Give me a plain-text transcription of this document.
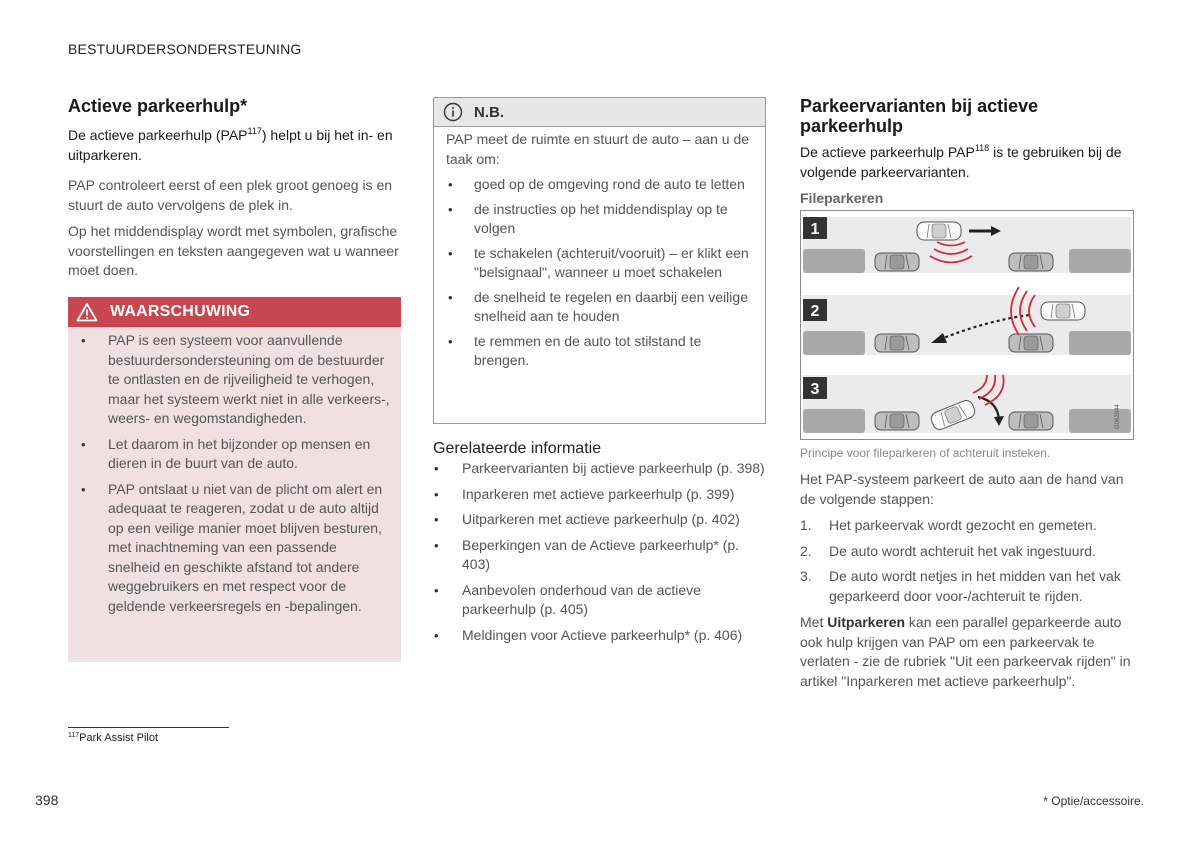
BESTUURDERSONDERSTEUNING
Actieve parkeerhulp*
De actieve parkeerhulp (PAP$^{117}$) helpt u bij het in- en uitparkeren.

PAP controleert eerst of een plek groot genoeg is en stuurt de auto vervolgens de plek in.

Op het middendisplay wordt met symbolen, grafische voorstellingen en teksten aangegeven wat u wanneer moet doen.

WAARSCHUWING
• PAP is een systeem voor aanvullende bestuurdersondersteuning om de bestuurder te ontlasten en de rijveiligheid te verhogen, maar het systeem werkt niet in alle verkeers-, weers- en wegomstandigheden.
• Let daarom in het bijzonder op mensen en dieren in de buurt van de auto.
• PAP ontslaat u niet van de plicht om alert en adequaat te reageren, zodat u de auto altijd op een veilige manier moet blijven besturen, met inachtneming van een passende snelheid en geschikte afstand tot andere weggebruikers en met respect voor de geldende verkeersregels en -bepalingen.
$^{117}$Park Assist Pilot
398	* Optie/accessoire.
N.B.
PAP meet de ruimte en stuurt de auto – aan u de taak om:
• goed op de omgeving rond de auto te letten
• de instructies op het middendisplay op te volgen
• te schakelen (achteruit/vooruit) – er klikt een "belsignaal", wanneer u moet schakelen
• de snelheid te regelen en daarbij een veilige snelheid aan te houden
• te remmen en de auto tot stilstand te brengen.
Gerelateerde informatie
• Parkeervarianten bij actieve parkeerhulp (p. 398)
• Inparkeren met actieve parkeerhulp (p. 399)
• Uitparkeren met actieve parkeerhulp (p. 402)
• Beperkingen van de Actieve parkeerhulp* (p. 403)
• Aanbevolen onderhoud van de actieve parkeerhulp (p. 405)
• Meldingen voor Actieve parkeerhulp* (p. 406)
Parkeervarianten bij actieve parkeerhulp
De actieve parkeerhulp PAP$^{118}$ is te gebruiken bij de volgende parkeervarianten.
Fileparkeren
1
2
3
G062044
Principe voor fileparkeren of achteruit insteken.

Het PAP-systeem parkeert de auto aan de hand van de volgende stappen:

1. Het parkeervak wordt gezocht en gemeten.
2. De auto wordt achteruit het vak ingestuurd.
3. De auto wordt netjes in het midden van het vak geparkeerd door voor-/achteruit te rijden.

Met Uitparkeren kan een parallel geparkeerde auto ook hulp krijgen van PAP om een parkeervak te verlaten - zie de rubriek "Uit een parkeervak rijden" in artikel "Inparkeren met actieve parkeerhulp".
